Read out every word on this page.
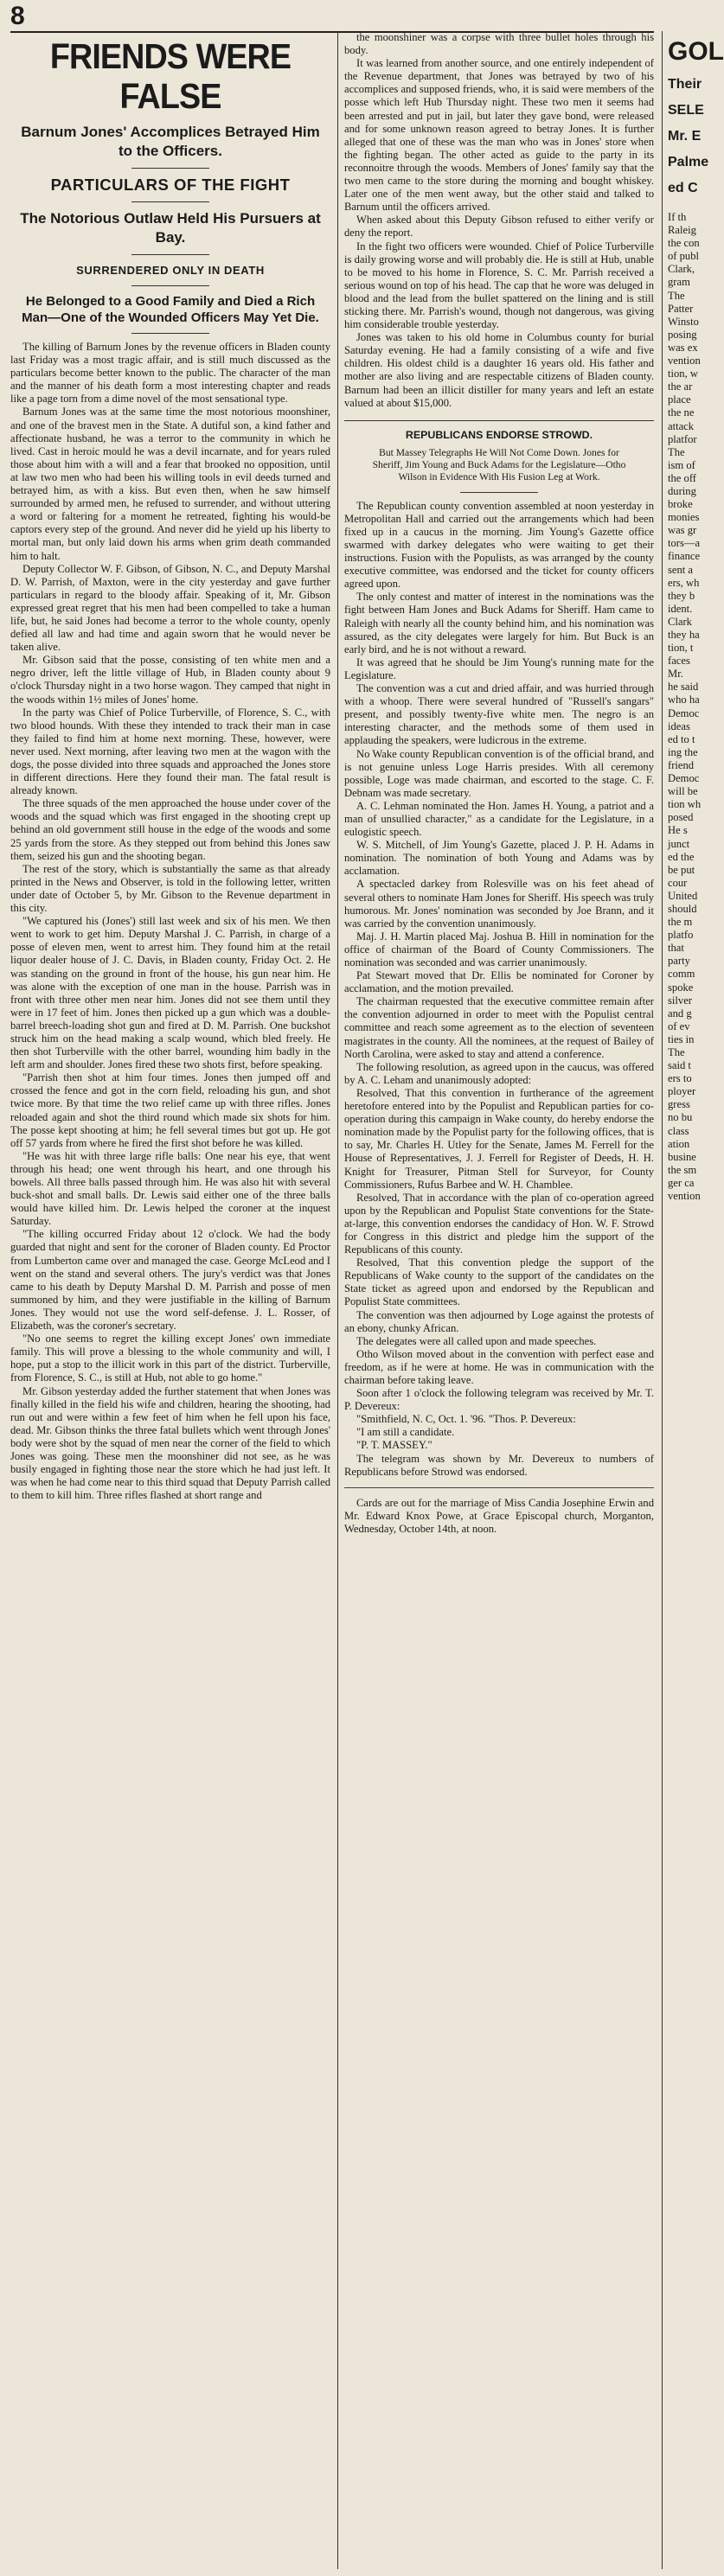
8
FRIENDS WERE FALSE
Barnum Jones' Accomplices Betrayed Him to the Officers.
PARTICULARS OF THE FIGHT
The Notorious Outlaw Held His Pursuers at Bay.
SURRENDERED ONLY IN DEATH
He Belonged to a Good Family and Died a Rich Man—One of the Wounded Officers May Yet Die.

The killing of Barnum Jones by the revenue officers in Bladen county last Friday was a most tragic affair, and is still much discussed as the particulars become better known to the public. The character of the man and the manner of his death form a most interesting chapter and reads like a page torn from a dime novel of the most sensational type.

Barnum Jones was at the same time the most notorious moonshiner, and one of the bravest men in the State. A dutiful son, a kind father and affectionate husband, he was a terror to the community in which he lived. Cast in heroic mould he was a devil incarnate, and for years ruled those about him with a will and a fear that brooked no opposition, until at law two men who had been his willing tools in evil deeds turned and betrayed him, as with a kiss. But even then, when he saw himself surrounded by armed men, he refused to surrender, and without uttering a word or faltering for a moment he retreated, fighting his would-be captors every step of the ground. And never did he yield up his liberty to mortal man, but only laid down his arms when grim death commanded him to halt.

Deputy Collector W. F. Gibson, of Gibson, N. C., and Deputy Marshal D. W. Parrish, of Maxton, were in the city yesterday and gave further particulars in regard to the bloody affair. Speaking of it, Mr. Gibson expressed great regret that his men had been compelled to take a human life, but, he said Jones had become a terror to the whole county, openly defied all law and had time and again sworn that he would never be taken alive.

Mr. Gibson said that the posse, consisting of ten white men and a negro driver, left the little village of Hub, in Bladen county about 9 o'clock Thursday night in a two horse wagon. They camped that night in the woods within 1½ miles of Jones' home.

In the party was Chief of Police Turberville, of Florence, S. C., with two blood hounds. With these they intended to track their man in case they failed to find him at home next morning. These, however, were never used. Next morning, after leaving two men at the wagon with the dogs, the posse divided into three squads and approached the Jones store in different directions. Here they found their man. The fatal result is already known.

The three squads of the men approached the house under cover of the woods and the squad which was first engaged in the shooting crept up behind an old government still house in the edge of the woods and some 25 yards from the store. As they stepped out from behind this Jones saw them, seized his gun and the shooting began.

The rest of the story, which is substantially the same as that already printed in the News and Observer, is told in the following letter, written under date of October 5, by Mr. Gibson to the Revenue department in this city.

"We captured his (Jones') still last week and six of his men. We then went to work to get him. Deputy Marshal J. C. Parrish, in charge of a posse of eleven men, went to arrest him. They found him at the retail liquor dealer house of J. C. Davis, in Bladen county, Friday Oct. 2. He was standing on the ground in front of the house, his gun near him. He was alone with the exception of one man in the house. Parrish was in front with three other men near him. Jones did not see them until they were in 17 feet of him. Jones then picked up a gun which was a double-barrel breech-loading shot gun and fired at D. M. Parrish. One buckshot struck him on the head making a scalp wound, which bled freely. He then shot Turberville with the other barrel, wounding him badly in the left arm and shoulder. Jones fired these two shots first, before speaking.

"Parrish then shot at him four times. Jones then jumped off and crossed the fence and got in the corn field, reloading his gun, and shot twice more. By that time the two relief came up with three rifles. Jones reloaded again and shot the third round which made six shots for him. The posse kept shooting at him; he fell several times but got up. He got off 57 yards from where he fired the first shot before he was killed.

"He was hit with three large rifle balls: One near his eye, that went through his head; one went through his heart, and one through his bowels. All three balls passed through him. He was also hit with several buck-shot and small balls. Dr. Lewis said either one of the three balls would have killed him. Dr. Lewis helped the coroner at the inquest Saturday.

"The killing occurred Friday about 12 o'clock. We had the body guarded that night and sent for the coroner of Bladen county. Ed Proctor from Lumberton came over and managed the case. George McLeod and I went on the stand and several others. The jury's verdict was that Jones came to his death by Deputy Marshal D. M. Parrish and posse of men summoned by him, and they were justifiable in the killing of Barnum Jones. They would not use the word self-defense. J. L. Rosser, of Elizabeth, was the coroner's secretary.

"No one seems to regret the killing except Jones' own immediate family. This will prove a blessing to the whole community and will, I hope, put a stop to the illicit work in this part of the district. Turberville, from Florence, S. C., is still at Hub, not able to go home."

Mr. Gibson yesterday added the further statement that when Jones was finally killed in the field his wife and children, hearing the shooting, had run out and were within a few feet of him when he fell upon his face, dead. Mr. Gibson thinks the three fatal bullets which went through Jones' body were shot by the squad of men near the corner of the field to which Jones was going. These men the moonshiner did not see, as he was busily engaged in fighting those near the store which he had just left. It was when he had come near to this third squad that Deputy Parrish called to them to kill him. Three rifles flashed at short range and

the moonshiner was a corpse with three bullet holes through his body.

It was learned from another source, and one entirely independent of the Revenue department, that Jones was betrayed by two of his accomplices and supposed friends, who, it is said were members of the posse which left Hub Thursday night. These two men it seems had been arrested and put in jail, but later they gave bond, were released and for some unknown reason agreed to betray Jones. It is further alleged that one of these was the man who was in Jones' store when the fighting began. The other acted as guide to the party in its reconnoitre through the woods. Members of Jones' family say that the two men came to the store during the morning and bought whiskey. Later one of the men went away, but the other staid and talked to Barnum until the officers arrived.

When asked about this Deputy Gibson refused to either verify or deny the report.

In the fight two officers were wounded. Chief of Police Turberville is daily growing worse and will probably die. He is still at Hub, unable to be moved to his home in Florence, S. C. Mr. Parrish received a serious wound on top of his head. The cap that he wore was deluged in blood and the lead from the bullet spattered on the lining and is still sticking there. Mr. Parrish's wound, though not dangerous, was giving him considerable trouble yesterday.

Jones was taken to his old home in Columbus county for burial Saturday evening. He had a family consisting of a wife and five children. His oldest child is a daughter 16 years old. His father and mother are also living and are respectable citizens of Bladen county. Barnum had been an illicit distiller for many years and left an estate valued at about $15,000.

REPUBLICANS ENDORSE STROWD.
But Massey Telegraphs He Will Not Come Down. Jones for Sheriff, Jim Young and Buck Adams for the Legislature—Otho Wilson in Evidence With His Fusion Leg at Work.

The Republican county convention assembled at noon yesterday in Metropolitan Hall and carried out the arrangements which had been fixed up in a caucus in the morning. Jim Young's Gazette office swarmed with darkey delegates who were waiting to get their instructions. Fusion with the Populists, as was arranged by the county executive committee, was endorsed and the ticket for county officers agreed upon.

The only contest and matter of interest in the nominations was the fight between Ham Jones and Buck Adams for Sheriff. Ham came to Raleigh with nearly all the county behind him, and his nomination was assured, as the city delegates were largely for him. But Buck is an early bird, and he is not without a reward.

It was agreed that he should be Jim Young's running mate for the Legislature.

The convention was a cut and dried affair, and was hurried through with a whoop. There were several hundred of "Russell's sangars" present, and possibly twenty-five white men. The negro is an interesting character, and the methods some of them used in applauding the speakers, were ludicrous in the extreme.

No Wake county Republican convention is of the official brand, and is not genuine unless Loge Harris presides. With all ceremony possible, Loge was made chairman, and escorted to the stage. C. F. Debnam was made secretary.

A. C. Lehman nominated the Hon. James H. Young, a patriot and a man of unsullied character," as a candidate for the Legislature, in a eulogistic speech.

W. S. Mitchell, of Jim Young's Gazette, placed J. P. H. Adams in nomination. The nomination of both Young and Adams was by acclamation.

A spectacled darkey from Rolesville was on his feet ahead of several others to nominate Ham Jones for Sheriff. His speech was truly humorous. Mr. Jones' nomination was seconded by Joe Brann, and it was carried by the convention unanimously.

Maj. J. H. Martin placed Maj. Joshua B. Hill in nomination for the office of chairman of the Board of County Commissioners. The nomination was seconded and was carrier unanimously.

Pat Stewart moved that Dr. Ellis be nominated for Coroner by acclamation, and the motion prevailed.

The chairman requested that the executive committee remain after the convention adjourned in order to meet with the Populist central committee and reach some agreement as to the election of seventeen magistrates in the county. All the nominees, at the request of Bailey of North Carolina, were asked to stay and attend a conference.

The following resolution, as agreed upon in the caucus, was offered by A. C. Leham and unanimously adopted:

Resolved, That this convention in furtherance of the agreement heretofore entered into by the Populist and Republican parties for co-operation during this campaign in Wake county, do hereby endorse the nomination made by the Populist party for the following offices, that is to say, Mr. Charles H. Utley for the Senate, James M. Ferrell for the House of Representatives, J. J. Ferrell for Register of Deeds, H. H. Knight for Treasurer, Pitman Stell for Surveyor, for County Commissioners, Rufus Barbee and W. H. Chamblee.

Resolved, That in accordance with the plan of co-operation agreed upon by the Republican and Populist State conventions for the State-at-large, this convention endorses the candidacy of Hon. W. F. Strowd for Congress in this district and pledge him the support of the Republicans of this county.

Resolved, That this convention pledge the support of the Republicans of Wake county to the support of the candidates on the State ticket as agreed upon and endorsed by the Republican and Populist State committees.

The convention was then adjourned by Loge against the protests of an ebony, chunky African.

The delegates were all called upon and made speeches.

Otho Wilson moved about in the convention with perfect ease and freedom, as if he were at home. He was in communication with the chairman before taking leave.

Soon after 1 o'clock the following telegram was received by Mr. T. P. Devereux:

"Smithfield, N. C, Oct. 1. '96. "Thos. P. Devereux:

"I am still a candidate.

"P. T. MASSEY."

The telegram was shown by Mr. Devereux to numbers of Republicans before Strowd was endorsed.

Cards are out for the marriage of Miss Candia Josephine Erwin and Mr. Edward Knox Powe, at Grace Episcopal church, Morganton, Wednesday, October 14th, at noon.

GOL
Their
SELE
Mr. E
Palme
ed C
If th
Raleig
the con
of publ
Clark,
gram
The
Patter
Winsto
posing
was ex
vention
tion, w
the ar
place
the ne
attack
platfor
The
ism of
the off
during
broke
monies
was gr
tors—a
finance
sent a
ers, wh
they b
ident.
Clark
they ha
tion, t
faces
Mr.
he said
who ha
Democ
ideas
ed to t
ing the
friend
Democ
will be
tion wh
posed
He s
junct
ed the
be put
cour
United
should
the m
platfo
that
party
comm
spoke
silver
and g
of ev
ties in
The
said t
ers to
ployer
gress
no bu
class
ation
busine
the sm
ger ca
vention
